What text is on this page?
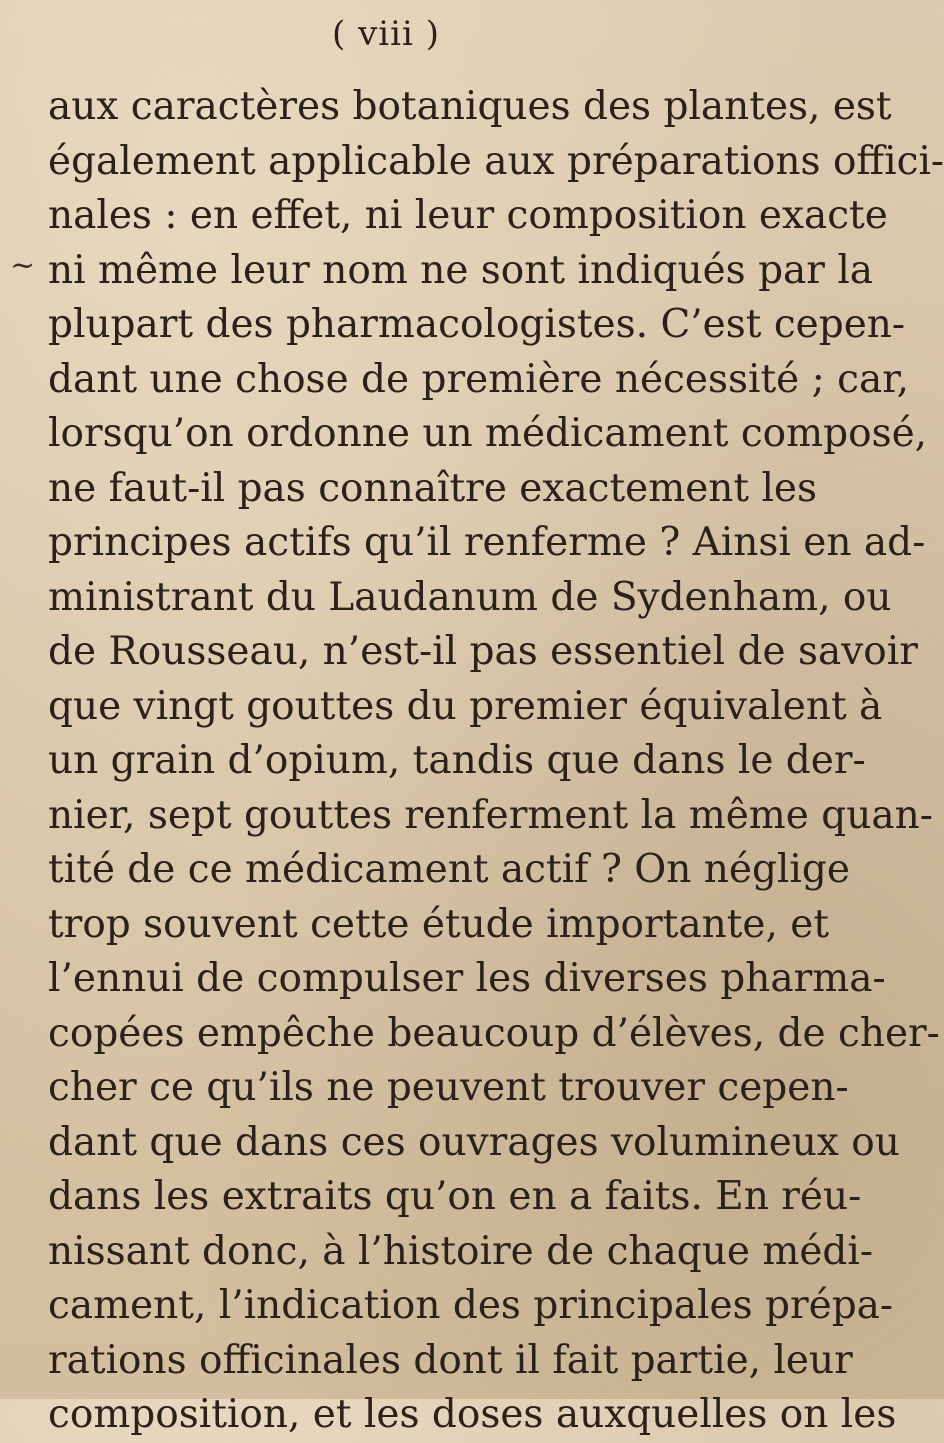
( viii )
~
aux caractères botaniques des plantes, est
également applicable aux préparations offici-
nales : en effet, ni leur composition exacte
ni même leur nom ne sont indiqués par la
plupart des pharmacologistes. C’est cepen-
dant une chose de première nécessité ; car,
lorsqu’on ordonne un médicament composé,
ne faut-il pas connaître exactement les
principes actifs qu’il renferme ? Ainsi en ad-
ministrant du Laudanum de Sydenham, ou
de Rousseau, n’est-il pas essentiel de savoir
que vingt gouttes du premier équivalent à
un grain d’opium, tandis que dans le der-
nier, sept gouttes renferment la même quan-
tité de ce médicament actif ? On néglige
trop souvent cette étude importante, et
l’ennui de compulser les diverses pharma-
copées empêche beaucoup d’élèves, de cher-
cher ce qu’ils ne peuvent trouver cepen-
dant que dans ces ouvrages volumineux ou
dans les extraits qu’on en a faits. En réu-
nissant donc, à l’histoire de chaque médi-
cament, l’indication des principales prépa-
rations officinales dont il fait partie, leur
composition, et les doses auxquelles on les
